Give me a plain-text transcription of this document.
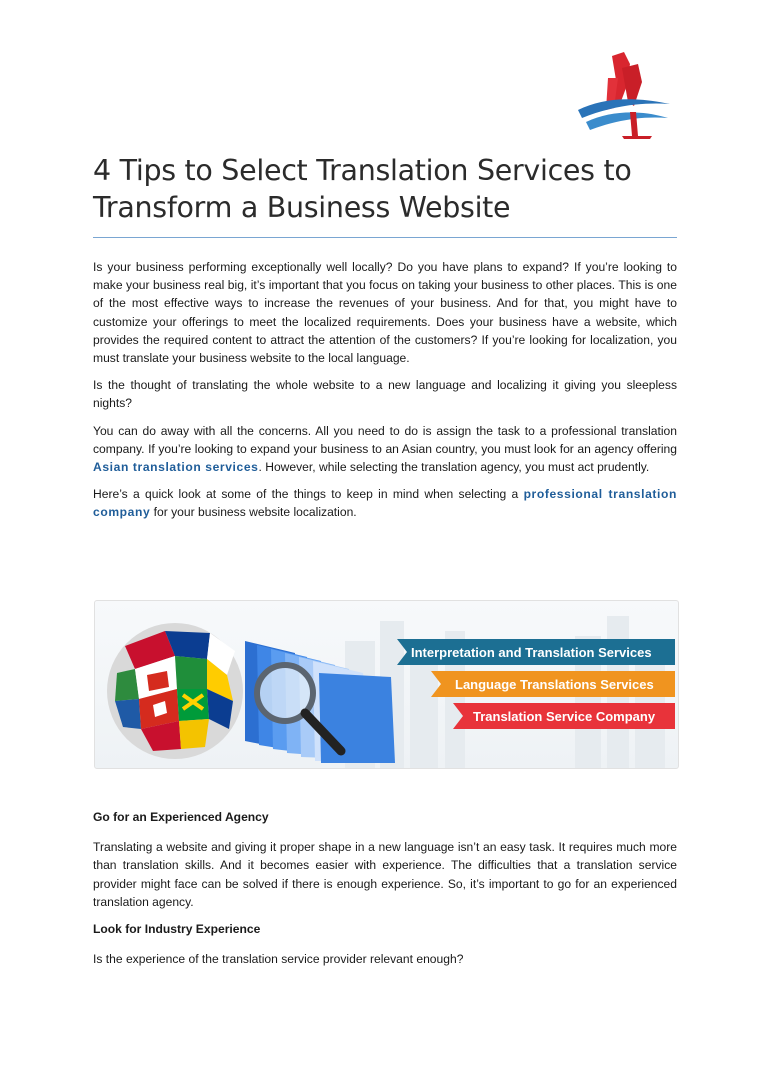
4 Tips to Select Translation Services to Transform a Business Website

Is your business performing exceptionally well locally? Do you have plans to expand? If you’re looking to make your business real big, it’s important that you focus on taking your business to other places. This is one of the most effective ways to increase the revenues of your business. And for that, you might have to customize your offerings to meet the localized requirements. Does your business have a website, which provides the required content to attract the attention of the customers? If you’re looking for localization, you must translate your business website to the local language.

Is the thought of translating the whole website to a new language and localizing it giving you sleepless nights?

You can do away with all the concerns. All you need to do is assign the task to a professional translation company. If you’re looking to expand your business to an Asian country, you must look for an agency offering Asian translation services. However, while selecting the translation agency, you must act prudently.

Here’s a quick look at some of the things to keep in mind when selecting a professional translation company for your business website localization.

Interpretation and Translation Services
Language Translations Services
Translation Service Company
Go for an Experienced Agency

Translating a website and giving it proper shape in a new language isn’t an easy task. It requires much more than translation skills. And it becomes easier with experience. The difficulties that a translation service provider might face can be solved if there is enough experience. So, it’s important to go for an experienced translation agency.

Look for Industry Experience

Is the experience of the translation service provider relevant enough?
